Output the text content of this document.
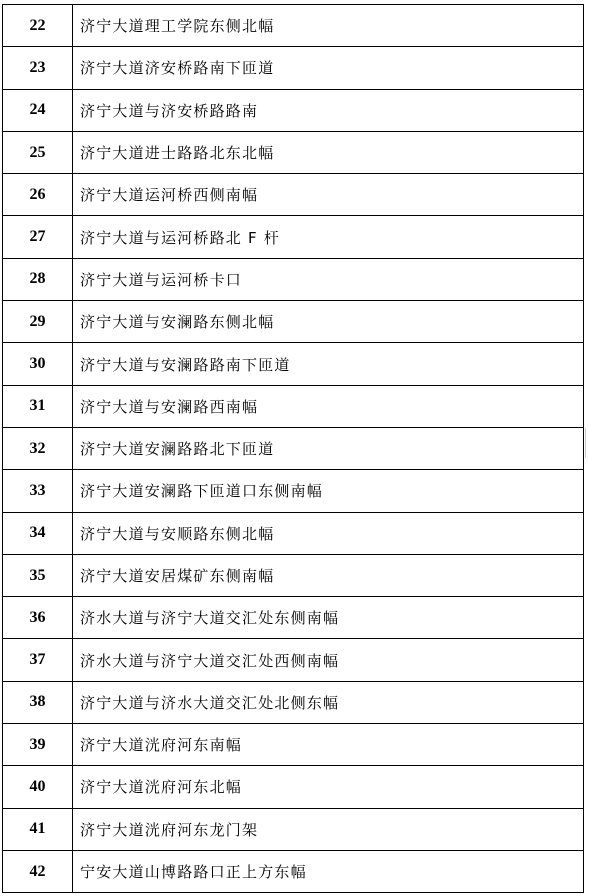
22	济宁大道理工学院东侧北幅
23	济宁大道济安桥路南下匝道
24	济宁大道与济安桥路路南
25	济宁大道进士路路北东北幅
26	济宁大道运河桥西侧南幅
27	济宁大道与运河桥路北 F 杆
28	济宁大道与运河桥卡口
29	济宁大道与安澜路东侧北幅
30	济宁大道与安澜路路南下匝道
31	济宁大道与安澜路西南幅
32	济宁大道安澜路路北下匝道
33	济宁大道安澜路下匝道口东侧南幅
34	济宁大道与安顺路东侧北幅
35	济宁大道安居煤矿东侧南幅
36	济水大道与济宁大道交汇处东侧南幅
37	济水大道与济宁大道交汇处西侧南幅
38	济宁大道与济水大道交汇处北侧东幅
39	济宁大道洸府河东南幅
40	济宁大道洸府河东北幅
41	济宁大道洸府河东龙门架
42	宁安大道山博路路口正上方东幅
